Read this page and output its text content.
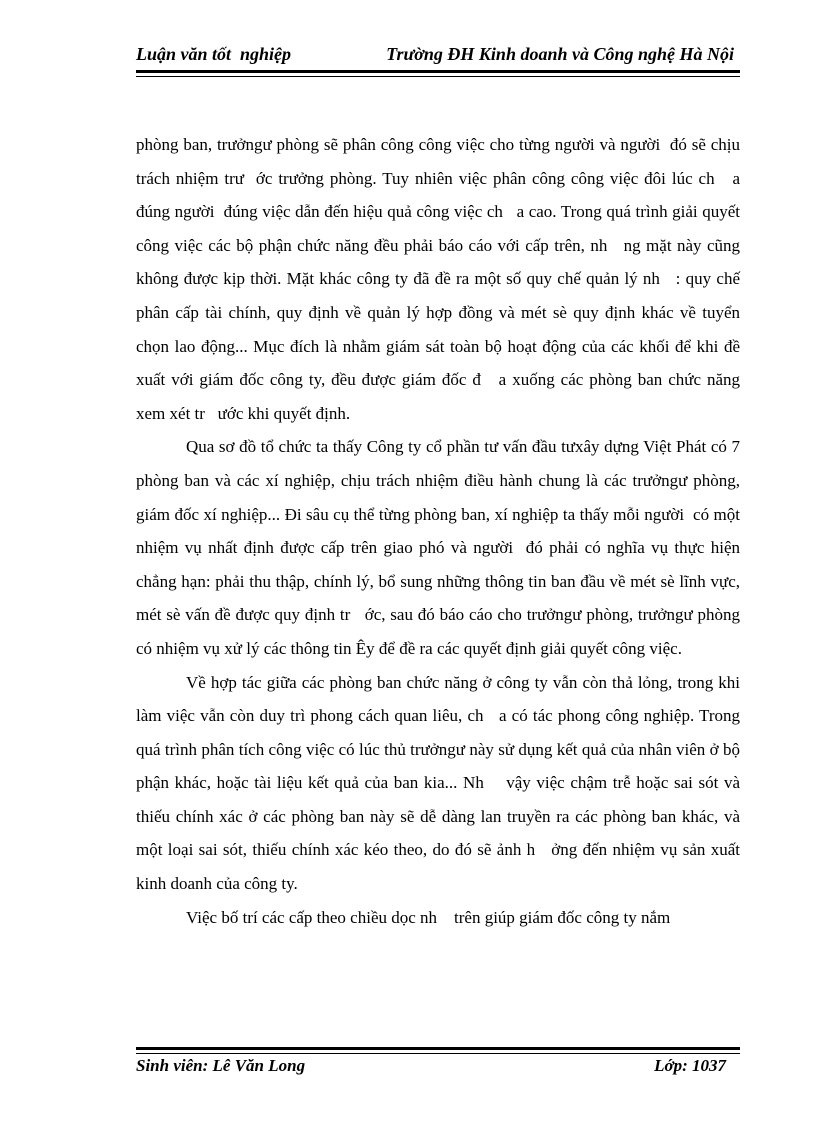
Luận văn tốt  nghiệp	Trường ĐH Kinh doanh và Công nghệ Hà Nội

phòng ban, trưởngư phòng sẽ phân công công việc cho từng người và người  đó sẽ chịu trách nhiệm trư  ớc trưởng phòng. Tuy nhiên việc phân công công việc đôi lúc ch   a đúng người  đúng việc dẫn đến hiệu quả công việc ch   a cao. Trong quá trình giải quyết công việc các bộ phận chức năng đều phải báo cáo với cấp trên, nh   ng mặt này cũng không được kịp thời. Mặt khác công ty đã đề ra một số quy chế quản lý nh   : quy chế phân cấp tài chính, quy định về quản lý hợp đồng và mét sè quy định khác về tuyển chọn lao động... Mục đích là nhằm giám sát toàn bộ hoạt động của các khối để khi đề xuất với giám đốc công ty, đều được giám đốc đ   a xuống các phòng ban chức năng xem xét tr   ước khi quyết định.

Qua sơ đồ tổ chức ta thấy Công ty cổ phần tư vấn đầu tưxây dựng Việt Phát có 7 phòng ban và các xí nghiệp, chịu trách nhiệm điều hành chung là các trưởngư phòng, giám đốc xí nghiệp... Đi sâu cụ thể từng phòng ban, xí nghiệp ta thấy mỗi người  có một nhiệm vụ nhất định được cấp trên giao phó và người  đó phải có nghĩa vụ thực hiện chẳng hạn: phải thu thập, chính lý, bổ sung những thông tin ban đầu về mét sè lĩnh vực, mét sè vấn đề được quy định tr   ớc, sau đó báo cáo cho trưởngư phòng, trưởngư phòng có nhiệm vụ xử lý các thông tin Êy để đề ra các quyết định giải quyết công việc.

Về hợp tác giữa các phòng ban chức năng ở công ty vẫn còn thả lỏng, trong khi làm việc vẫn còn duy trì phong cách quan liêu, ch   a có tác phong công nghiệp. Trong quá trình phân tích công việc có lúc thủ trưởngư này sử dụng kết quả của nhân viên ở bộ phận khác, hoặc tài liệu kết quả của ban kia... Nh    vậy việc chậm trễ hoặc sai sót và thiếu chính xác ở các phòng ban này sẽ dễ dàng lan truyền ra các phòng ban khác, và một loại sai sót, thiếu chính xác kéo theo, do đó sẽ ảnh h   ởng đến nhiệm vụ sản xuất kinh doanh của công ty.

Việc bố trí các cấp theo chiều dọc nh    trên giúp giám đốc công ty nắm

Sinh viên: Lê Văn Long	Lớp: 1037
